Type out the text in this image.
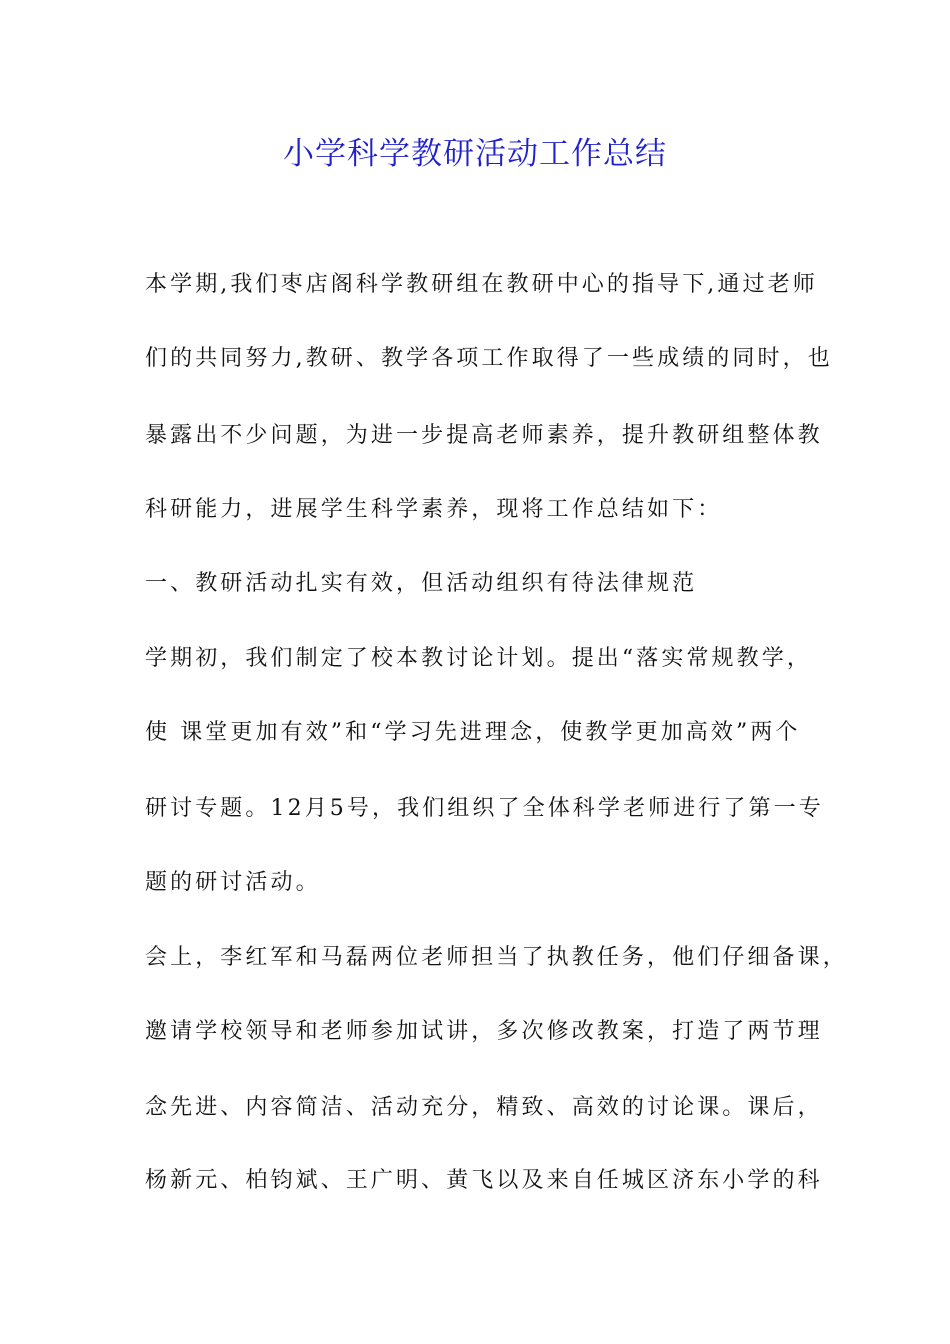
小学科学教研活动工作总结
本学期,我们枣店阁科学教研组在教研中心的指导下,通过老师
们的共同努力,教研、教学各项工作取得了一些成绩的同时，也
暴露出不少问题，为进一步提高老师素养，提升教研组整体教
科研能力，进展学生科学素养，现将工作总结如下：
一、教研活动扎实有效，但活动组织有待法律规范
学期初，我们制定了校本教讨论计划。提出“落实常规教学，
使 课堂更加有效”和“学习先进理念，使教学更加高效”两个
研讨专题。12月5号，我们组织了全体科学老师进行了第一专
题的研讨活动。
会上，李红军和马磊两位老师担当了执教任务，他们仔细备课，
邀请学校领导和老师参加试讲，多次修改教案，打造了两节理
念先进、内容简洁、活动充分，精致、高效的讨论课。课后，
杨新元、柏钧斌、王广明、黄飞以及来自任城区济东小学的科
